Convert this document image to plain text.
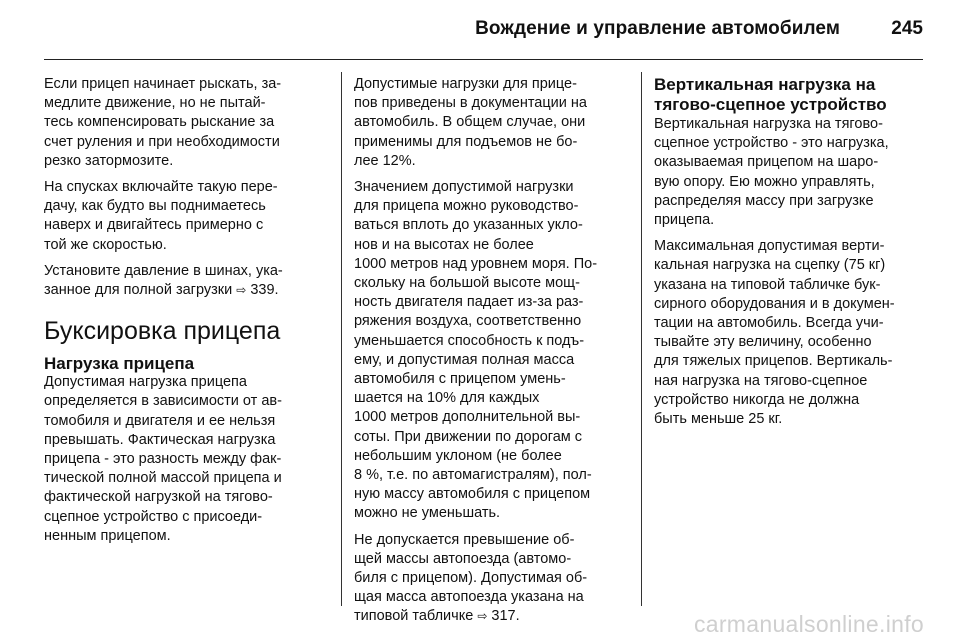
Вождение и управление автомобилем	245
Если прицеп начинает рыскать, за-
медлите движение, но не пытай-
тесь компенсировать рыскание за
счет руления и при необходимости
резко затормозите.
На спусках включайте такую пере-
дачу, как будто вы поднимаетесь
наверх и двигайтесь примерно с
той же скоростью.
Установите давление в шинах, ука-
занное для полной загрузки ⇨ 339.
Буксировка прицепа
Нагрузка прицепа
Допустимая нагрузка прицепа
определяется в зависимости от ав-
томобиля и двигателя и ее нельзя
превышать. Фактическая нагрузка
прицепа - это разность между фак-
тической полной массой прицепа и
фактической нагрузкой на тягово-
сцепное устройство с присоеди-
ненным прицепом.
Допустимые нагрузки для прице-
пов приведены в документации на
автомобиль. В общем случае, они
применимы для подъемов не бо-
лее 12%.
Значением допустимой нагрузки
для прицепа можно руководство-
ваться вплоть до указанных укло-
нов и на высотах не более
1000 метров над уровнем моря. По-
скольку на большой высоте мощ-
ность двигателя падает из-за раз-
ряжения воздуха, соответственно
уменьшается способность к подъ-
ему, и допустимая полная масса
автомобиля с прицепом умень-
шается на 10% для каждых
1000 метров дополнительной вы-
соты. При движении по дорогам с
небольшим уклоном (не более
8 %, т.е. по автомагистралям), пол-
ную массу автомобиля с прицепом
можно не уменьшать.
Не допускается превышение об-
щей массы автопоезда (автомо-
биля с прицепом). Допустимая об-
щая масса автопоезда указана на
типовой табличке ⇨ 317.
Вертикальная нагрузка на
тягово-сцепное устройство
Вертикальная нагрузка на тягово-
сцепное устройство - это нагрузка,
оказываемая прицепом на шаро-
вую опору. Ею можно управлять,
распределяя массу при загрузке
прицепа.
Максимальная допустимая верти-
кальная нагрузка на сцепку (75 кг)
указана на типовой табличке бук-
сирного оборудования и в докумен-
тации на автомобиль. Всегда учи-
тывайте эту величину, особенно
для тяжелых прицепов. Вертикаль-
ная нагрузка на тягово-сцепное
устройство никогда не должна
быть меньше 25 кг.
carmanualsonline.info
